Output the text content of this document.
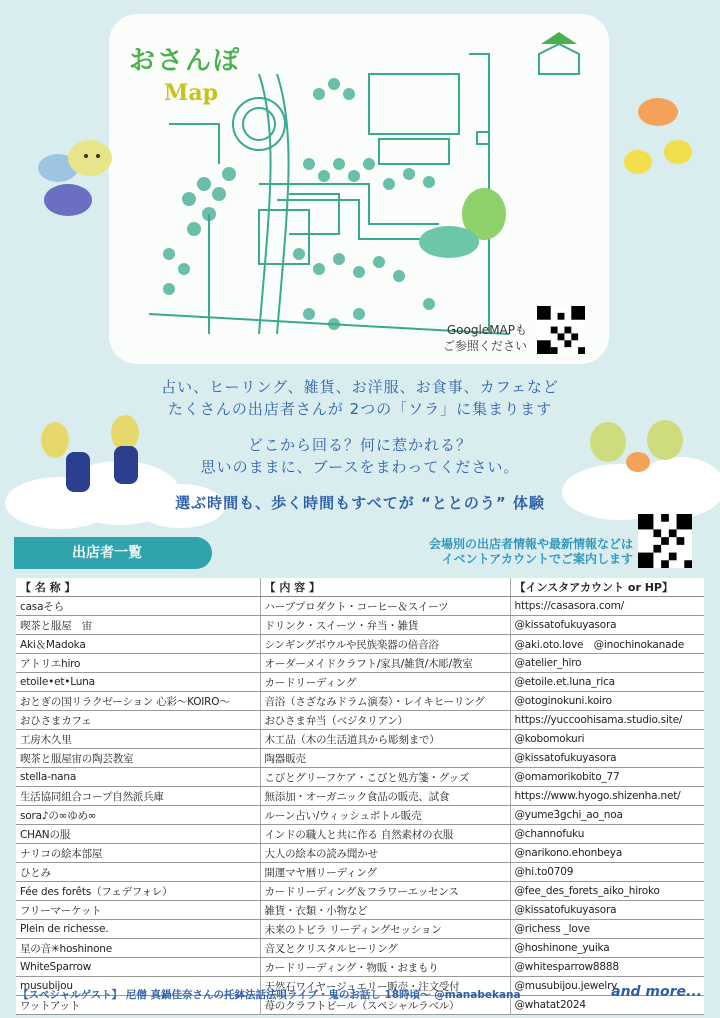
おさんぽ
Map
GoogleMAPも
ご参照ください
占い、ヒーリング、雑貨、お洋服、お食事、カフェなど
たくさんの出店者さんが 2つの「ソラ」に集まります
どこから回る？何に惹かれる？
思いのままに、ブースをまわってください。
選ぶ時間も、歩く時間もすべてが “ととのう” 体験
出店者一覧
会場別の出店者情報や最新情報などは
イベントアカウントでご案内します
【 名 称 】	【 内 容 】	【インスタアカウント or HP】
casaそら	ハーブプロダクト・コーヒー＆スイーツ	https://casasora.com/
喫茶と服屋　宙	ドリンク・スイーツ・弁当・雑貨	@kissatofukuyasora
Aki＆Madoka	シンギングボウルや民族楽器の倍音浴	@aki.oto.love　@inochinokanade
アトリエhiro	オーダーメイドクラフト/家具/雑貨/木彫/教室	@atelier_hiro
etoile•et•Luna	カードリーディング	@etoile.et.luna_rica
おとぎの国リラクゼーション 心彩〜KOIRO〜	音浴（さざなみドラム演奏）・レイキヒーリング	@otoginokuni.koiro
おひさまカフェ	おひさま弁当（ベジタリアン）	https://yuccoohisama.studio.site/
工房木久里	木工品（木の生活道具から彫刻まで）	@kobomokuri
喫茶と服屋宙の陶芸教室	陶器販売	@kissatofukuyasora
stella-nana	こびとグリーフケア・こびと処方箋・グッズ	@omamorikobito_77
生活協同組合コープ自然派兵庫	無添加・オーガニック食品の販売、試食	https://www.hyogo.shizenha.net/
sora♪の∞ゆめ∞	ルーン占い/ウィッシュボトル販売	@yume3gchi_ao_noa
CHANの服	インドの職人と共に作る 自然素材の衣服	@channofuku
ナリコの絵本部屋	大人の絵本の読み聞かせ	@narikono.ehonbeya
ひとみ	開運マヤ暦リーディング	@hi.to0709
Fée des forêts（フェデフォレ）	カードリーディング＆フラワーエッセンス	@fee_des_forets_aiko_hiroko
フリーマーケット	雑貨・衣類・小物など	@kissatofukuyasora
Plein de richesse.	未来のトビラ リーディングセッション	@richess _love
星の音✳hoshinone	音叉とクリスタルヒーリング	@hoshinone_yuika
WhiteSparrow	カードリーディング・物販・おまもり	@whitesparrow8888
musubijou	天然石ワイヤージュエリー販売・注文受付	@musubijou.jewelry
ワットアット	苺のクラフトビール（スペシャルラベル）	@whatat2024
【スペシャルゲスト】 尼僧 真鍋佳奈さんの托鉢法話法唄ライブ・鬼のお話し 18時頃〜 @manabekana	and more...
